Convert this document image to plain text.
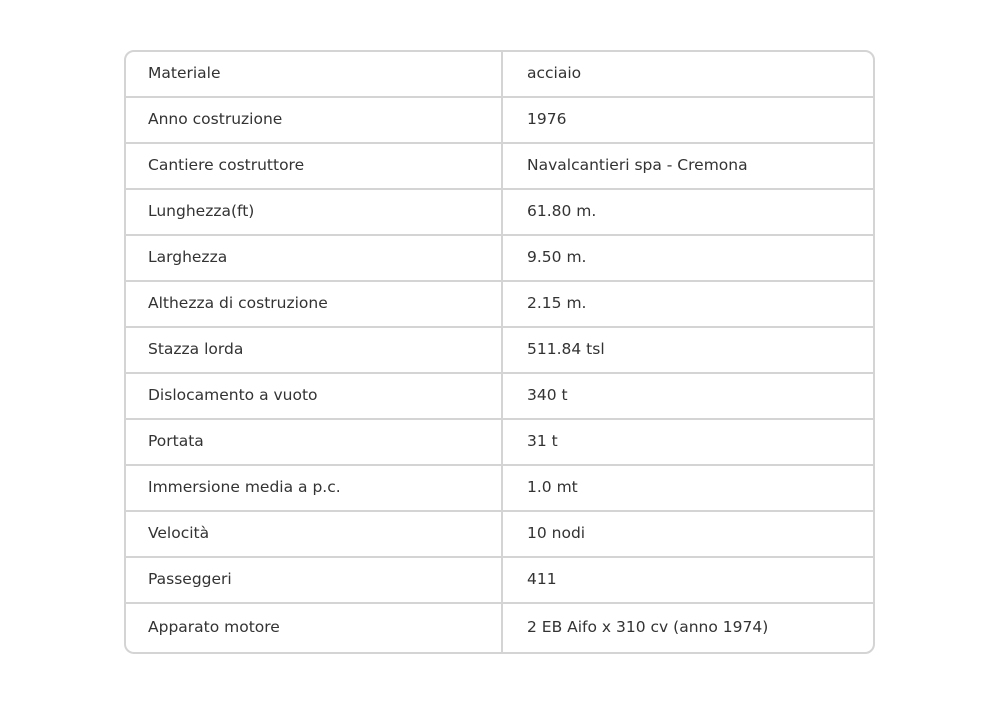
Materiale	acciaio
Anno costruzione	1976
Cantiere costruttore	Navalcantieri spa - Cremona
Lunghezza(ft)	61.80 m.
Larghezza	9.50 m.
Althezza di costruzione	2.15 m.
Stazza lorda	511.84 tsl
Dislocamento a vuoto	340 t
Portata	31 t
Immersione media a p.c.	1.0 mt
Velocità	10 nodi
Passeggeri	411
Apparato motore	2 EB Aifo x 310 cv (anno 1974)
